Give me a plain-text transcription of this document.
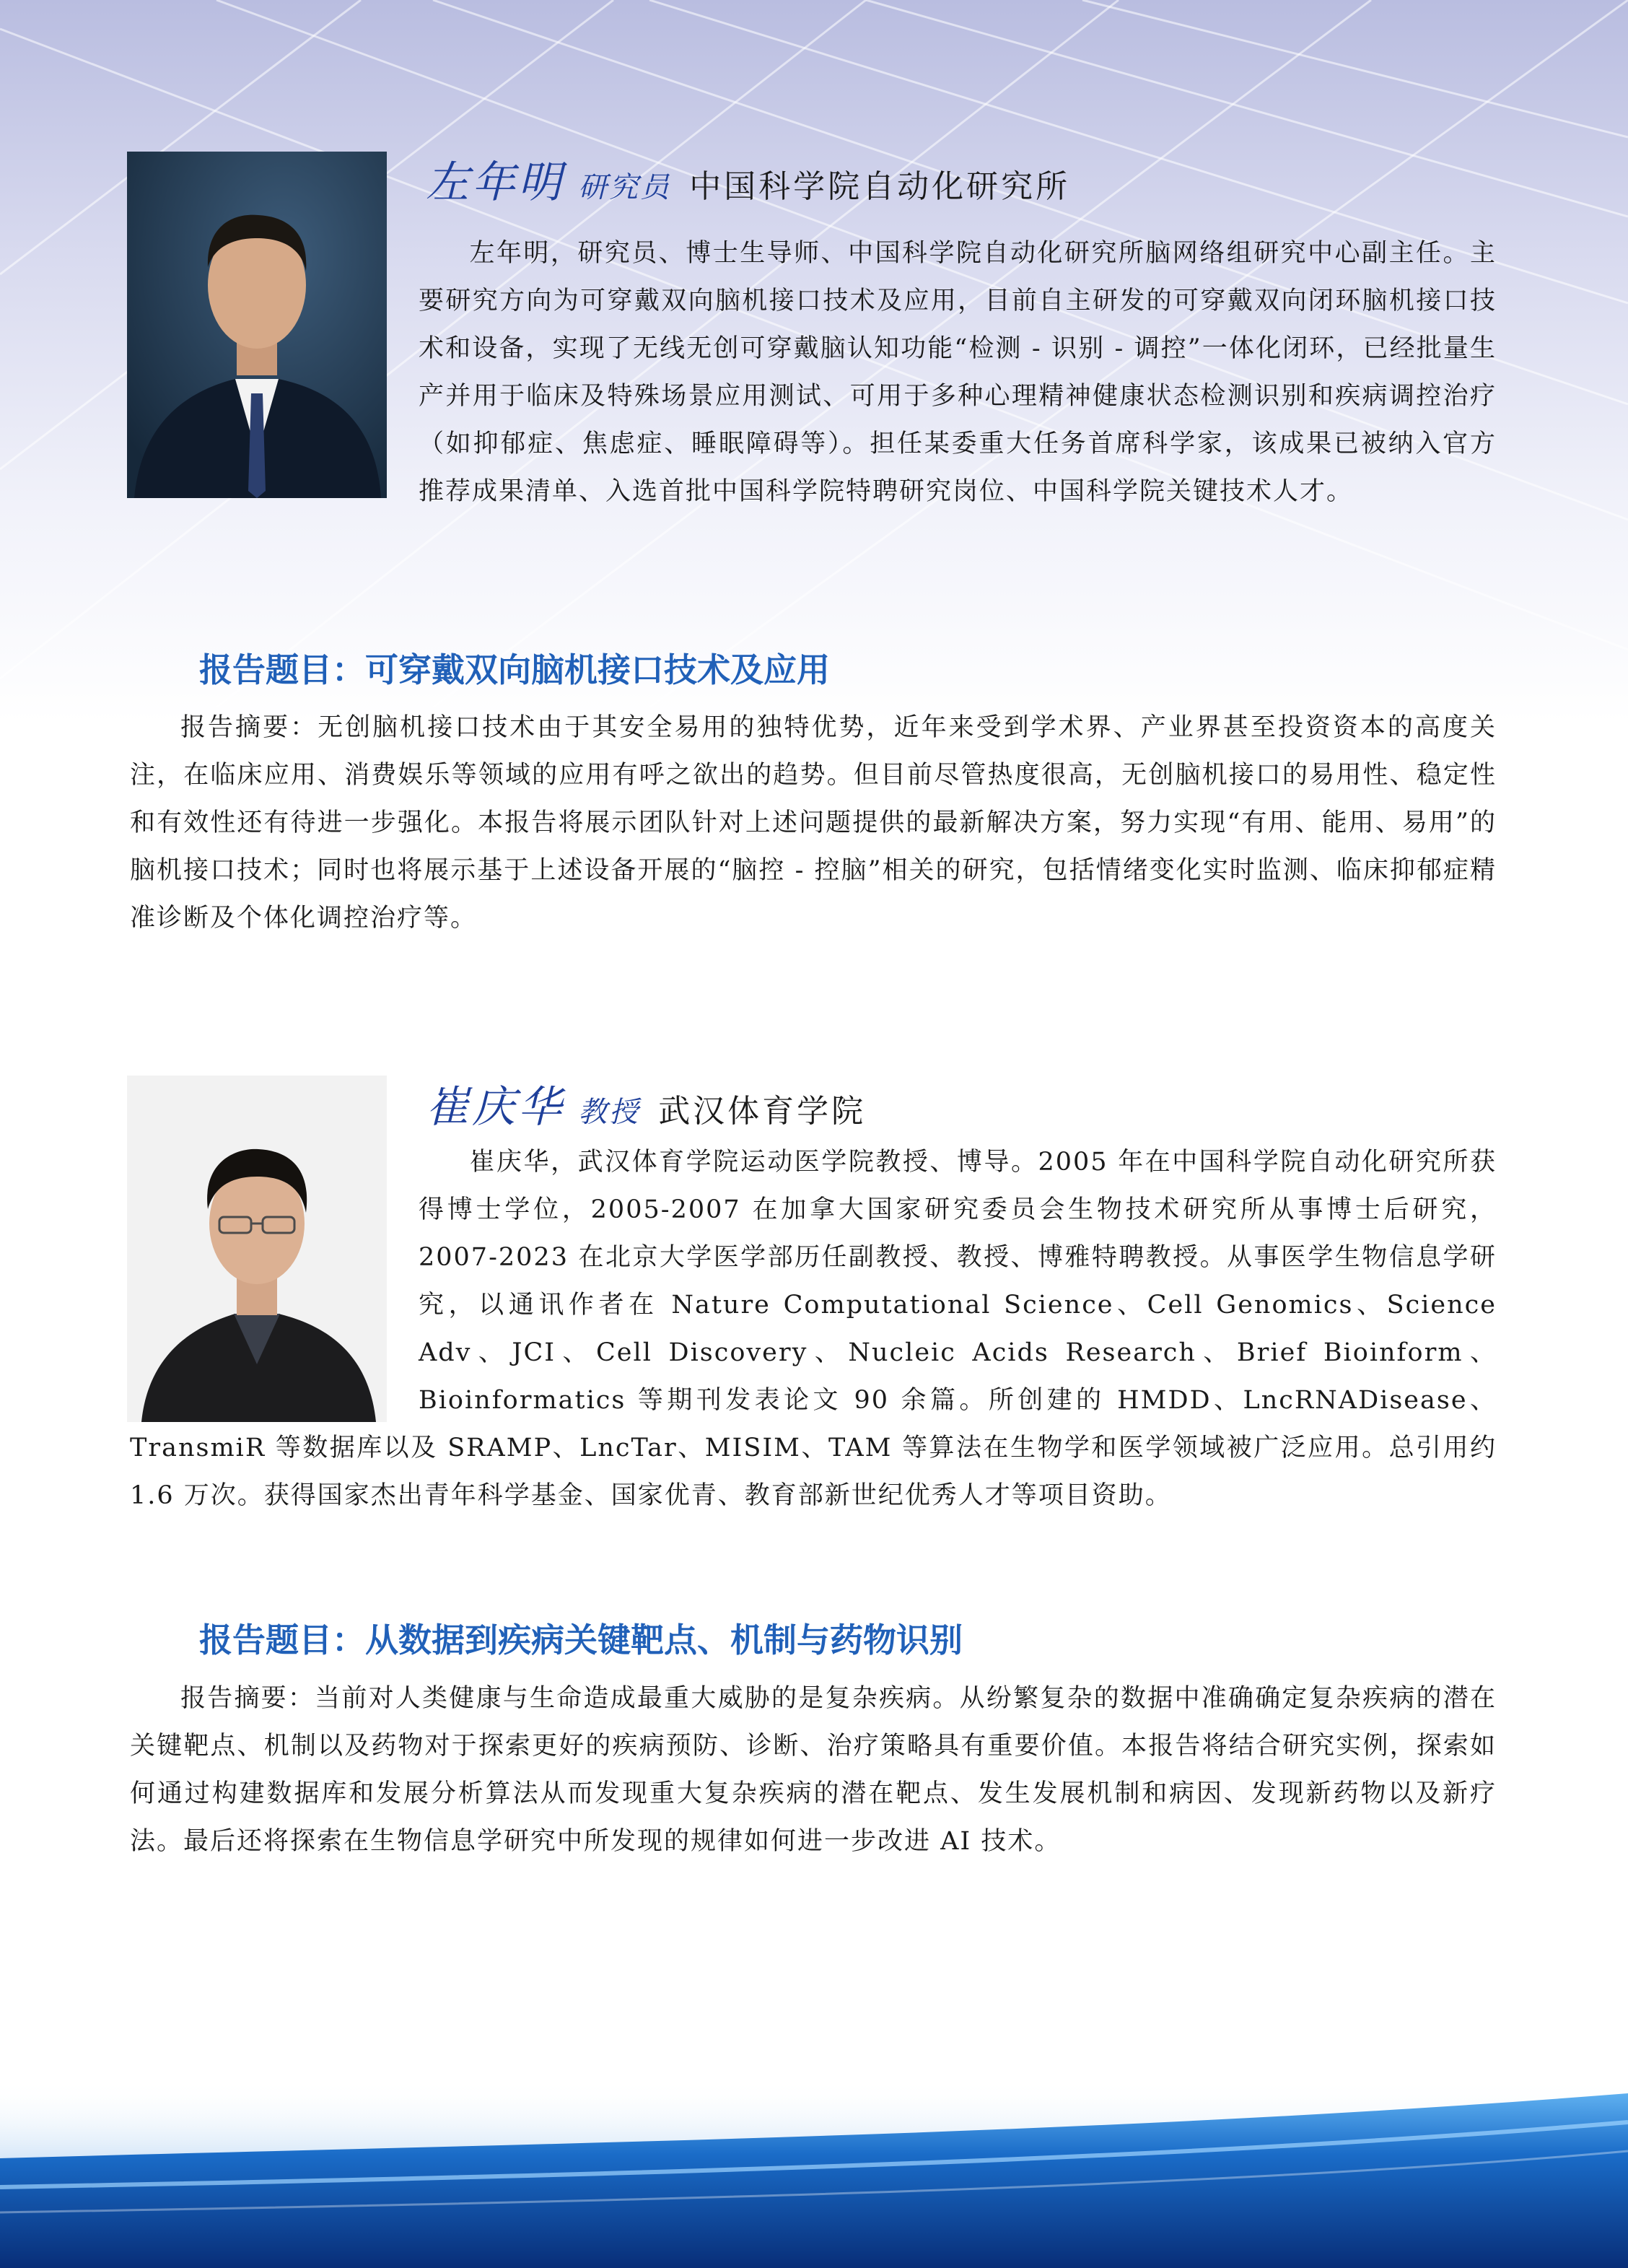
左年明 研究员 中国科学院自动化研究所

左年明，研究员、博士生导师、中国科学院自动化研究所脑网络组研究中心副主任。主要研究方向为可穿戴双向脑机接口技术及应用，目前自主研发的可穿戴双向闭环脑机接口技术和设备，实现了无线无创可穿戴脑认知功能“检测 - 识别 - 调控”一体化闭环，已经批量生产并用于临床及特殊场景应用测试、可用于多种心理精神健康状态检测识别和疾病调控治疗（如抑郁症、焦虑症、睡眠障碍等）。担任某委重大任务首席科学家，该成果已被纳入官方推荐成果清单、入选首批中国科学院特聘研究岗位、中国科学院关键技术人才。

报告题目：可穿戴双向脑机接口技术及应用

报告摘要：无创脑机接口技术由于其安全易用的独特优势，近年来受到学术界、产业界甚至投资资本的高度关注，在临床应用、消费娱乐等领域的应用有呼之欲出的趋势。但目前尽管热度很高，无创脑机接口的易用性、稳定性和有效性还有待进一步强化。本报告将展示团队针对上述问题提供的最新解决方案，努力实现“有用、能用、易用”的脑机接口技术；同时也将展示基于上述设备开展的“脑控 - 控脑”相关的研究，包括情绪变化实时监测、临床抑郁症精准诊断及个体化调控治疗等。

崔庆华 教授 武汉体育学院

崔庆华，武汉体育学院运动医学院教授、博导。2005 年在中国科学院自动化研究所获得博士学位，2005-2007 在加拿大国家研究委员会生物技术研究所从事博士后研究，2007-2023 在北京大学医学部历任副教授、教授、博雅特聘教授。从事医学生物信息学研究，以通讯作者在 Nature Computational Science、Cell Genomics、Science Adv、JCI、Cell Discovery、Nucleic Acids Research、Brief Bioinform、Bioinformatics 等期刊发表论文 90 余篇。所创建的 HMDD、LncRNADisease、TransmiR 等数据库以及 SRAMP、LncTar、MISIM、TAM 等算法在生物学和医学领域被广泛应用。总引用约 1.6 万次。获得国家杰出青年科学基金、国家优青、教育部新世纪优秀人才等项目资助。

报告题目：从数据到疾病关键靶点、机制与药物识别

报告摘要：当前对人类健康与生命造成最重大威胁的是复杂疾病。从纷繁复杂的数据中准确确定复杂疾病的潜在关键靶点、机制以及药物对于探索更好的疾病预防、诊断、治疗策略具有重要价值。本报告将结合研究实例，探索如何通过构建数据库和发展分析算法从而发现重大复杂疾病的潜在靶点、发生发展机制和病因、发现新药物以及新疗法。最后还将探索在生物信息学研究中所发现的规律如何进一步改进 AI 技术。
